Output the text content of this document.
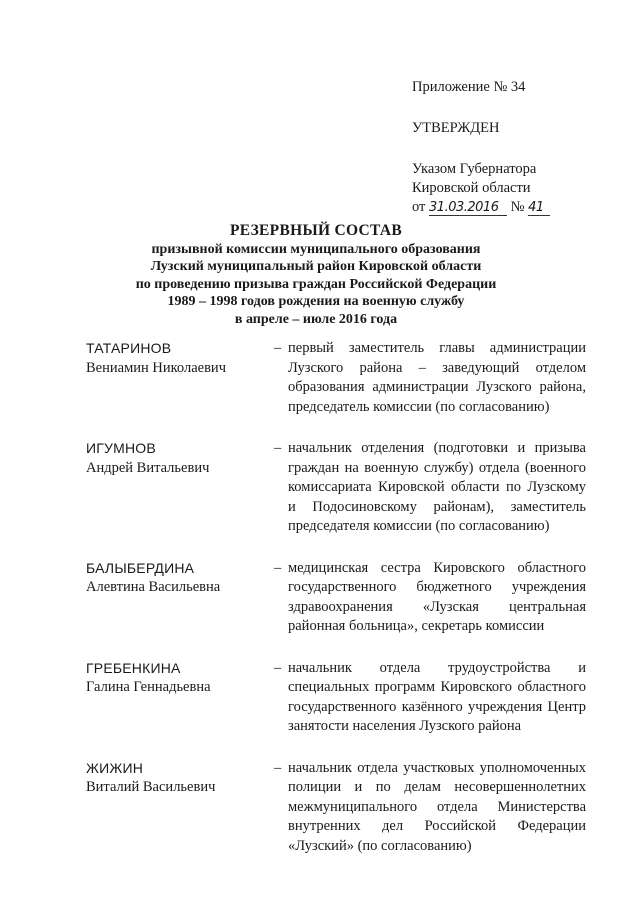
Приложение № 34
УТВЕРЖДЕН
Указом Губернатора
Кировской области
от 31.03.2016 № 41
РЕЗЕРВНЫЙ СОСТАВ
призывной комиссии муниципального образования
Лузский муниципальный район Кировской области
по проведению призыва граждан Российской Федерации
1989 – 1998 годов рождения на военную службу
в апреле – июле 2016 года
ТАТАРИНОВ
Вениамин Николаевич
– первый заместитель главы администрации Лузского района – заведующий отделом образования администрации Лузского района, председатель комиссии (по согласованию)
ИГУМНОВ
Андрей Витальевич
– начальник отделения (подготовки и призыва граждан на военную службу) отдела (военного комиссариата Кировской области по Лузскому и Подосиновскому районам), заместитель председателя комиссии (по согласованию)
БАЛЫБЕРДИНА
Алевтина Васильевна
– медицинская сестра Кировского областного государственного бюджетного учреждения здравоохранения «Лузская центральная районная больница», секретарь комиссии
ГРЕБЕНКИНА
Галина Геннадьевна
– начальник отдела трудоустройства и специальных программ Кировского областного государственного казённого учреждения Центр занятости населения Лузского района
ЖИЖИН
Виталий Васильевич
– начальник отдела участковых уполномоченных полиции и по делам несовершеннолетних межмуниципального отдела Министерства внутренних дел Российской Федерации «Лузский» (по согласованию)
